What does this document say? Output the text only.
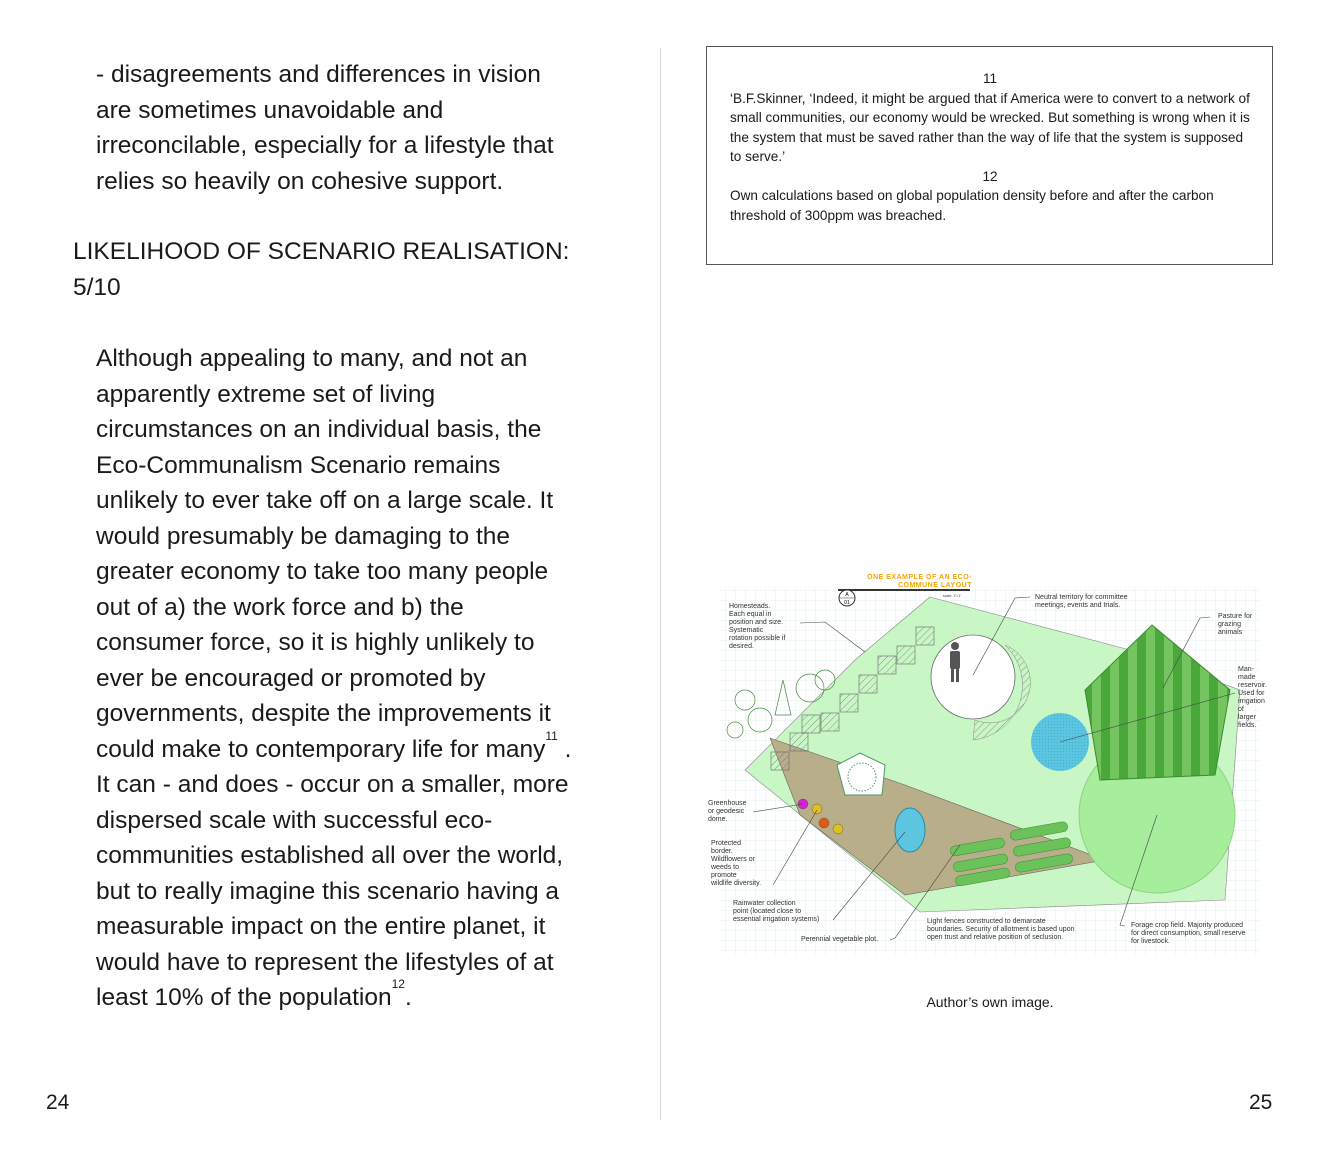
- disagreements and differences in vision
are sometimes unavoidable and
irreconcilable, especially for a lifestyle that
relies so heavily on cohesive support.
LIKELIHOOD OF SCENARIO REALISATION:
5/10
Although appealing to many, and not an
apparently extreme set of living
circumstances on an individual basis, the
Eco-Communalism Scenario remains
unlikely to ever take off on a large scale. It
would presumably be damaging to the
greater economy to take too many people
out of a) the work force and b) the
consumer force, so it is highly unlikely to
ever be encouraged or promoted by
governments, despite the improvements it
could make to contemporary life for many$^{11}$ .
It can - and does - occur on a smaller, more
dispersed scale with successful eco-
communities established all over the world,
but to really imagine this scenario having a
measurable impact on the entire planet, it
would have to represent the lifestyles of at
least 10% of the population$^{12}$.
24
11
‘B.F.Skinner, ‘Indeed, it might be argued that if America were to convert to a network of small communities, our economy would be wrecked. But something is wrong when it is the system that must be saved rather than the way of life that the system is supposed to serve.’
12
Own calculations based on global population density before and after the carbon threshold of 300ppm was breached.
A
01
ONE EXAMPLE OF AN ECO-
COMMUNE LAYOUT
scale: 1"=1'
Homesteads.
Each equal in
position and size.
Systematic
rotation possible if
desired.
Neutral territory for committee
meetings, events and trials.
Pasture for
grazing
animals
Man-made
reservoir.
Used for
irrigation
of
larger
fields.
Greenhouse
or geodesic
dome.
Protected
border.
Wildflowers or
weeds to
promote
wildlife diversity.
Rainwater collection
point (located close to
essential irrigation systems)
Perennial vegetable plot.
Light fences constructed to demarcate
boundaries. Security of allotment is based upon
open trust and relative position of seclusion.
Forage crop field. Majority produced
for direct consumption, small reserve
for livestock.
Author’s own image.
25
